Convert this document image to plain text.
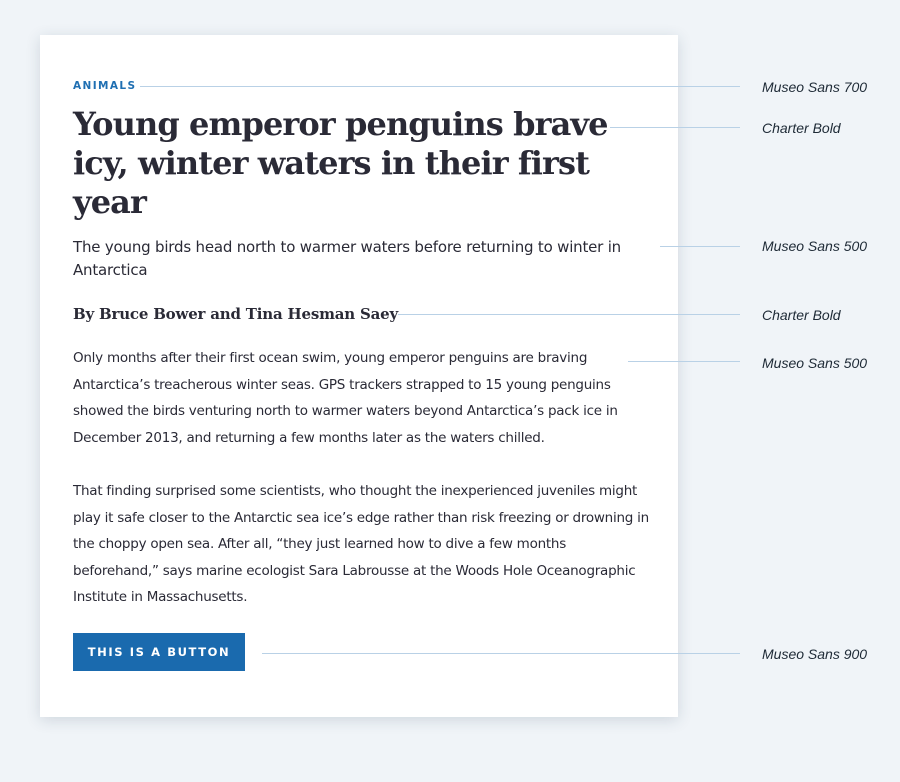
ANIMALS
Young emperor penguins brave icy, winter waters in their first year

The young birds head north to warmer waters before returning to winter in Antarctica

By Bruce Bower and Tina Hesman Saey

Only months after their first ocean swim, young emperor penguins are braving Antarctica’s treacherous winter seas. GPS trackers strapped to 15 young penguins showed the birds venturing north to warmer waters beyond Antarctica’s pack ice in December 2013, and returning a few months later as the waters chilled.

That finding surprised some scientists, who thought the inexperienced juveniles might play it safe closer to the Antarctic sea ice’s edge rather than risk freezing or drowning in the choppy open sea. After all, “they just learned how to dive a few months beforehand,” says marine ecologist Sara Labrousse at the Woods Hole Oceanographic Institute in Massachusetts.

THIS IS A BUTTON
Museo Sans 700
Charter Bold
Museo Sans 500
Charter Bold
Museo Sans 500
Museo Sans 900
